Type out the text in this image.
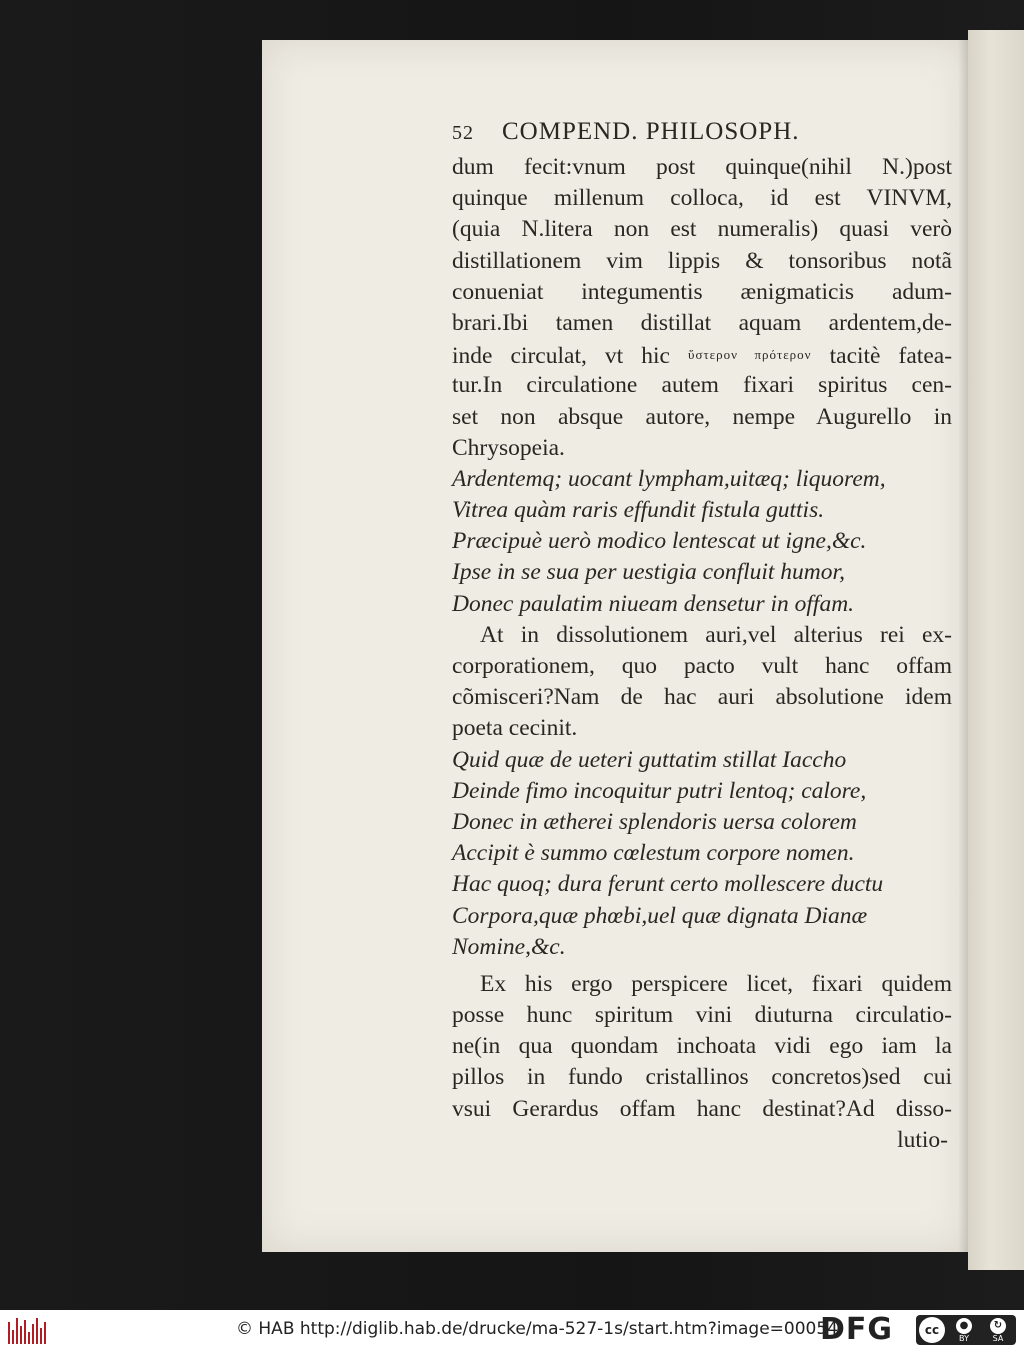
52 COMPEND. PHILOSOPH.
dum fecit:vnum post quinque(nihil N.)post
quinque millenum colloca, id est VINVM,
(quia N.litera non est numeralis) quasi verò
distillationem vim lippis & tonsoribus notã
conueniat integumentis ænigmaticis adum-
brari.Ibi tamen distillat aquam ardentem,de-
inde circulat, vt hic ὕστερον πρότερον tacitè fatea-
tur.In circulatione autem fixari spiritus cen-
set non absque autore, nempe Augurello in
Chrysopeia.
Ardentemq; uocant lympham,uitæq; liquorem,
Vitrea quàm raris effundit fistula guttis.
Præcipuè uerò modico lentescat ut igne,&c.
Ipse in se sua per uestigia confluit humor,
Donec paulatim niueam densetur in offam.
At in dissolutionem auri,vel alterius rei ex-
corporationem, quo pacto vult hanc offam
cõmisceri?Nam de hac auri absolutione idem
poeta cecinit.
Quid quæ de ueteri guttatim stillat Iaccho
Deinde fimo incoquitur putri lentoq; calore,
Donec in ætherei splendoris uersa colorem
Accipit è summo cœlestum corpore nomen.
Hac quoq; dura ferunt certo mollescere ductu
Corpora,quæ phœbi,uel quæ dignata Dianæ
Nomine,&c.
Ex his ergo perspicere licet, fixari quidem
posse hunc spiritum vini diuturna circulatio-
ne(in qua quondam inchoata vidi ego iam la
pillos in fundo cristallinos concretos)sed cui
vsui Gerardus offam hanc destinat?Ad disso-
lutio-
© HAB http://diglib.hab.de/drucke/ma-527-1s/start.htm?image=00054
DFG	cc	●
BY
↻
SA
